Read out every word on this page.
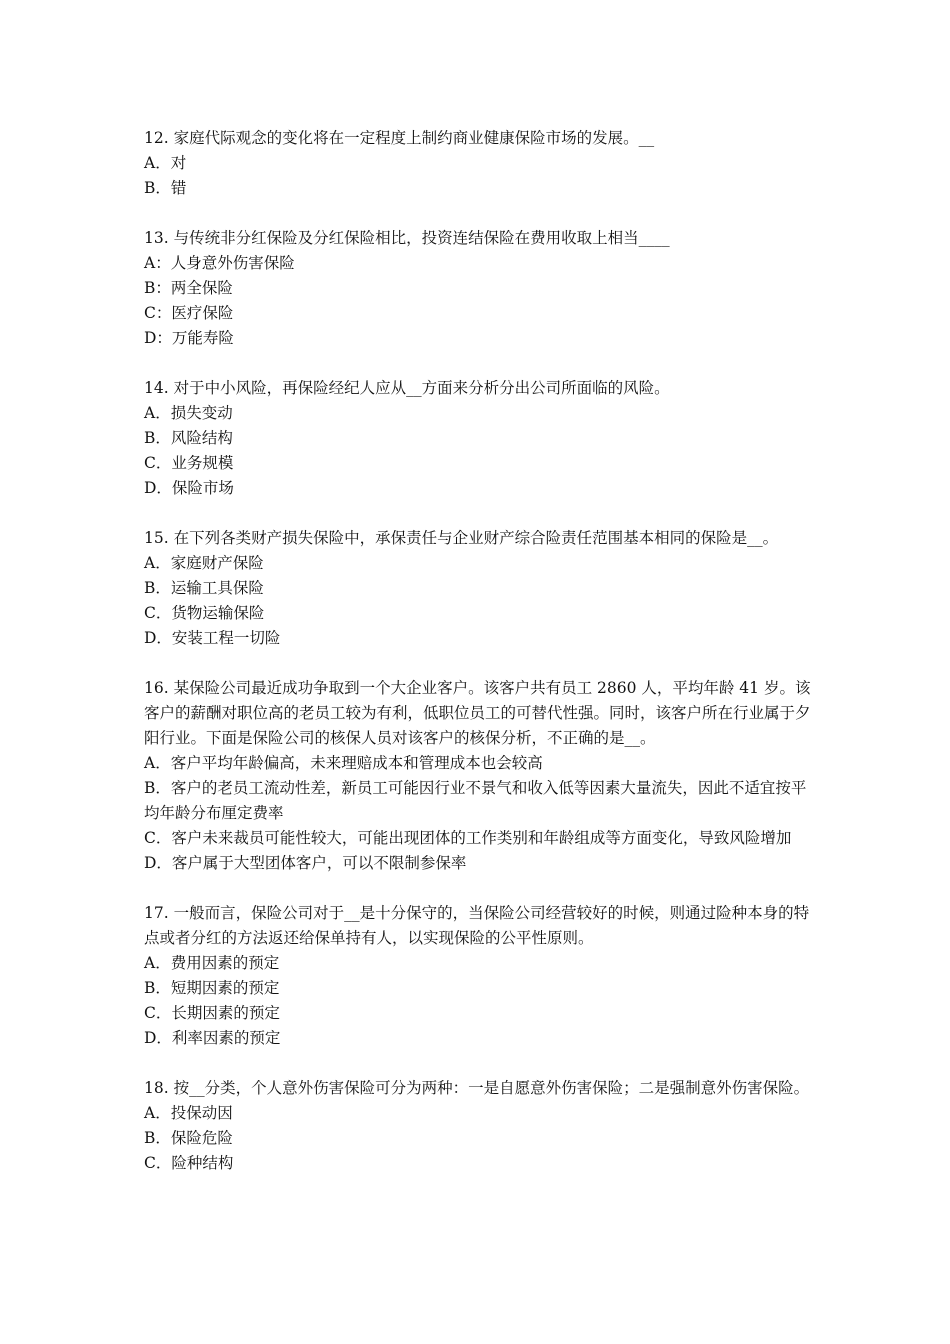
12. 家庭代际观念的变化将在一定程度上制约商业健康保险市场的发展。__

A．对

B．错

13. 与传统非分红保险及分红保险相比，投资连结保险在费用收取上相当____

A：人身意外伤害保险

B：两全保险

C：医疗保险

D：万能寿险

14. 对于中小风险，再保险经纪人应从__方面来分析分出公司所面临的风险。

A．损失变动

B．风险结构

C．业务规模

D．保险市场

15. 在下列各类财产损失保险中，承保责任与企业财产综合险责任范围基本相同的保险是__。

A．家庭财产保险

B．运输工具保险

C．货物运输保险

D．安装工程一切险

16. 某保险公司最近成功争取到一个大企业客户。该客户共有员工 2860 人，平均年龄 41 岁。该客户的薪酬对职位高的老员工较为有利，低职位员工的可替代性强。同时，该客户所在行业属于夕阳行业。下面是保险公司的核保人员对该客户的核保分析，不正确的是__。

A．客户平均年龄偏高，未来理赔成本和管理成本也会较高

B．客户的老员工流动性差，新员工可能因行业不景气和收入低等因素大量流失，因此不适宜按平均年龄分布厘定费率

C．客户未来裁员可能性较大，可能出现团体的工作类别和年龄组成等方面变化，导致风险增加

D．客户属于大型团体客户，可以不限制参保率

17. 一般而言，保险公司对于__是十分保守的，当保险公司经营较好的时候，则通过险种本身的特点或者分红的方法返还给保单持有人，以实现保险的公平性原则。

A．费用因素的预定

B．短期因素的预定

C．长期因素的预定

D．利率因素的预定

18. 按__分类，个人意外伤害保险可分为两种：一是自愿意外伤害保险；二是强制意外伤害保险。

A．投保动因

B．保险危险

C．险种结构
